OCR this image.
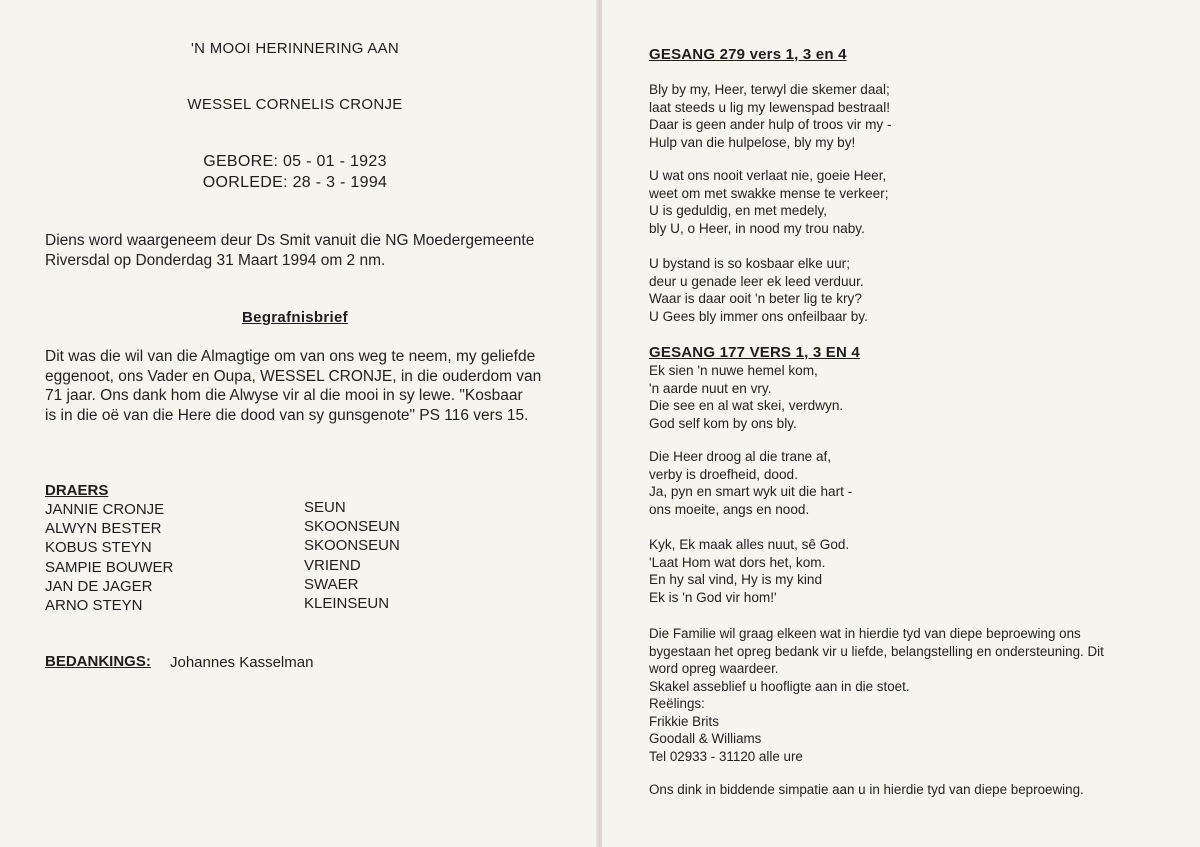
'N MOOI HERINNERING AAN
WESSEL CORNELIS CRONJE
GEBORE: 05 - 01 - 1923
OORLEDE: 28 - 3 - 1994
Diens word waargeneem deur Ds Smit vanuit die NG Moedergemeente
Riversdal op Donderdag 31 Maart 1994 om 2 nm.
Begrafnisbrief
Dit was die wil van die Almagtige om van ons weg te neem, my geliefde
eggenoot, ons Vader en Oupa, WESSEL CRONJE, in die ouderdom van
71 jaar. Ons dank hom die Alwyse vir al die mooi in sy lewe. "Kosbaar
is in die oë van die Here die dood van sy gunsgenote" PS 116 vers 15.
DRAERS
JANNIE CRONJE
ALWYN BESTER
KOBUS STEYN
SAMPIE BOUWER
JAN DE JAGER
ARNO STEYN
SEUN
SKOONSEUN
SKOONSEUN
VRIEND
SWAER
KLEINSEUN
BEDANKINGS: Johannes Kasselman
GESANG 279 vers 1, 3 en 4
Bly by my, Heer, terwyl die skemer daal;
laat steeds u lig my lewenspad bestraal!
Daar is geen ander hulp of troos vir my -
Hulp van die hulpelose, bly my by!
U wat ons nooit verlaat nie, goeie Heer,
weet om met swakke mense te verkeer;
U is geduldig, en met medely,
bly U, o Heer, in nood my trou naby.
U bystand is so kosbaar elke uur;
deur u genade leer ek leed verduur.
Waar is daar ooit 'n beter lig te kry?
U Gees bly immer ons onfeilbaar by.
GESANG 177 VERS 1, 3 EN 4
Ek sien 'n nuwe hemel kom,
'n aarde nuut en vry.
Die see en al wat skei, verdwyn.
God self kom by ons bly.
Die Heer droog al die trane af,
verby is droefheid, dood.
Ja, pyn en smart wyk uit die hart -
ons moeite, angs en nood.
Kyk, Ek maak alles nuut, sê God.
'Laat Hom wat dors het, kom.
En hy sal vind, Hy is my kind
Ek is 'n God vir hom!'
Die Familie wil graag elkeen wat in hierdie tyd van diepe beproewing ons
bygestaan het opreg bedank vir u liefde, belangstelling en ondersteuning. Dit
word opreg waardeer.
Skakel asseblief u hoofligte aan in die stoet.
Reëlings:
Frikkie Brits
Goodall & Williams
Tel 02933 - 31120 alle ure
Ons dink in biddende simpatie aan u in hierdie tyd van diepe beproewing.
